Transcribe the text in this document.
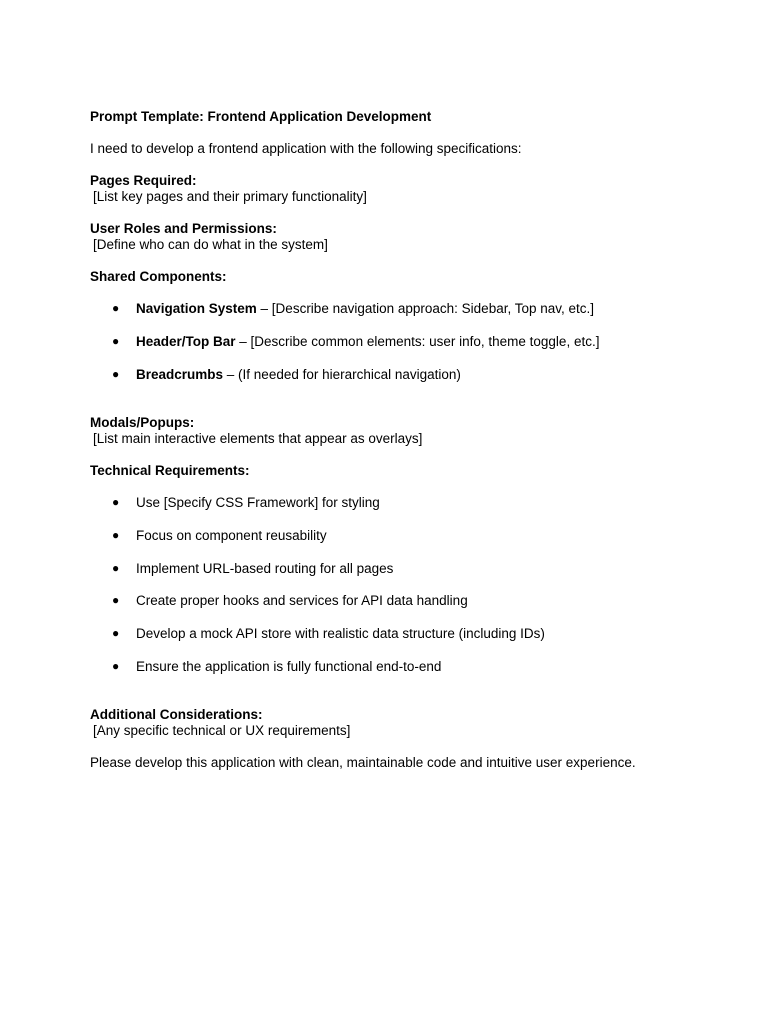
Prompt Template: Frontend Application Development

I need to develop a frontend application with the following specifications:

Pages Required:

[List key pages and their primary functionality]

User Roles and Permissions:

[Define who can do what in the system]

Shared Components:

● Navigation System – [Describe navigation approach: Sidebar, Top nav, etc.]
● Header/Top Bar – [Describe common elements: user info, theme toggle, etc.]
● Breadcrumbs – (If needed for hierarchical navigation)

Modals/Popups:

[List main interactive elements that appear as overlays]

Technical Requirements:

● Use [Specify CSS Framework] for styling
● Focus on component reusability
● Implement URL-based routing for all pages
● Create proper hooks and services for API data handling
● Develop a mock API store with realistic data structure (including IDs)
● Ensure the application is fully functional end-to-end

Additional Considerations:

[Any specific technical or UX requirements]

Please develop this application with clean, maintainable code and intuitive user experience.
